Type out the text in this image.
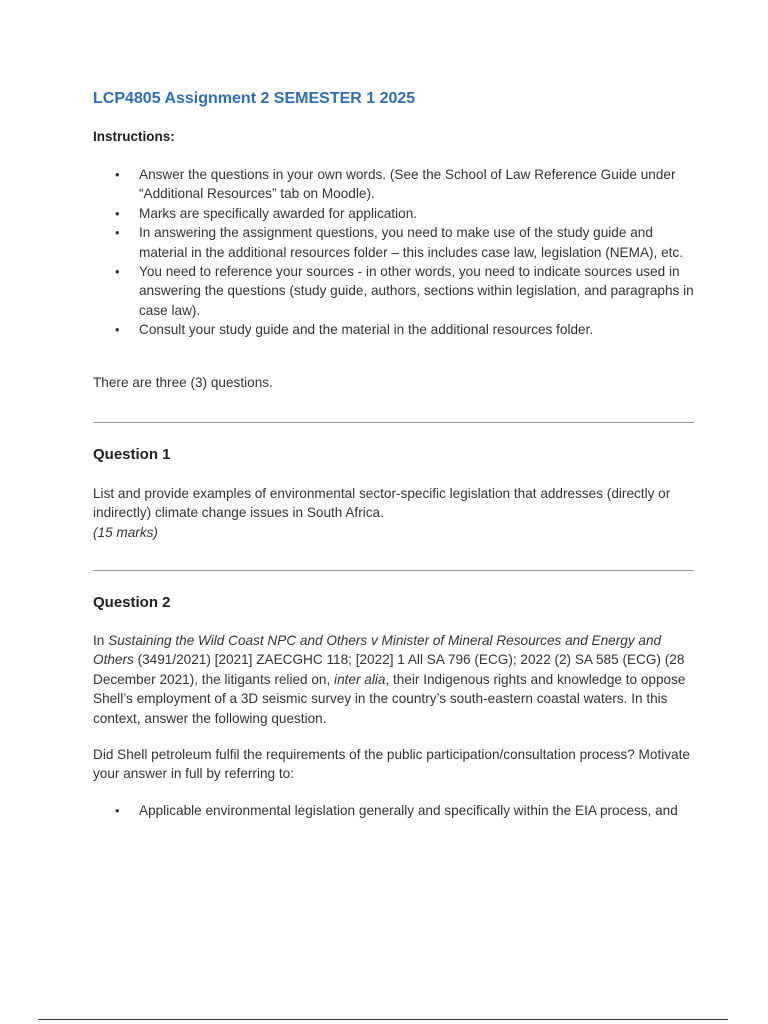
LCP4805 Assignment 2 SEMESTER 1 2025
Instructions:
• Answer the questions in your own words. (See the School of Law Reference Guide under “Additional Resources” tab on Moodle).
• Marks are specifically awarded for application.
• In answering the assignment questions, you need to make use of the study guide and material in the additional resources folder – this includes case law, legislation (NEMA), etc.
• You need to reference your sources - in other words, you need to indicate sources used in answering the questions (study guide, authors, sections within legislation, and paragraphs in case law).
• Consult your study guide and the material in the additional resources folder.

There are three (3) questions.

Question 1

List and provide examples of environmental sector-specific legislation that addresses (directly or indirectly) climate change issues in South Africa.
(15 marks)

Question 2

In Sustaining the Wild Coast NPC and Others v Minister of Mineral Resources and Energy and Others (3491/2021) [2021] ZAECGHC 118; [2022] 1 All SA 796 (ECG); 2022 (2) SA 585 (ECG) (28 December 2021), the litigants relied on, inter alia, their Indigenous rights and knowledge to oppose Shell’s employment of a 3D seismic survey in the country’s south-eastern coastal waters. In this context, answer the following question.

Did Shell petroleum fulfil the requirements of the public participation/consultation process? Motivate your answer in full by referring to:

• Applicable environmental legislation generally and specifically within the EIA process, and
